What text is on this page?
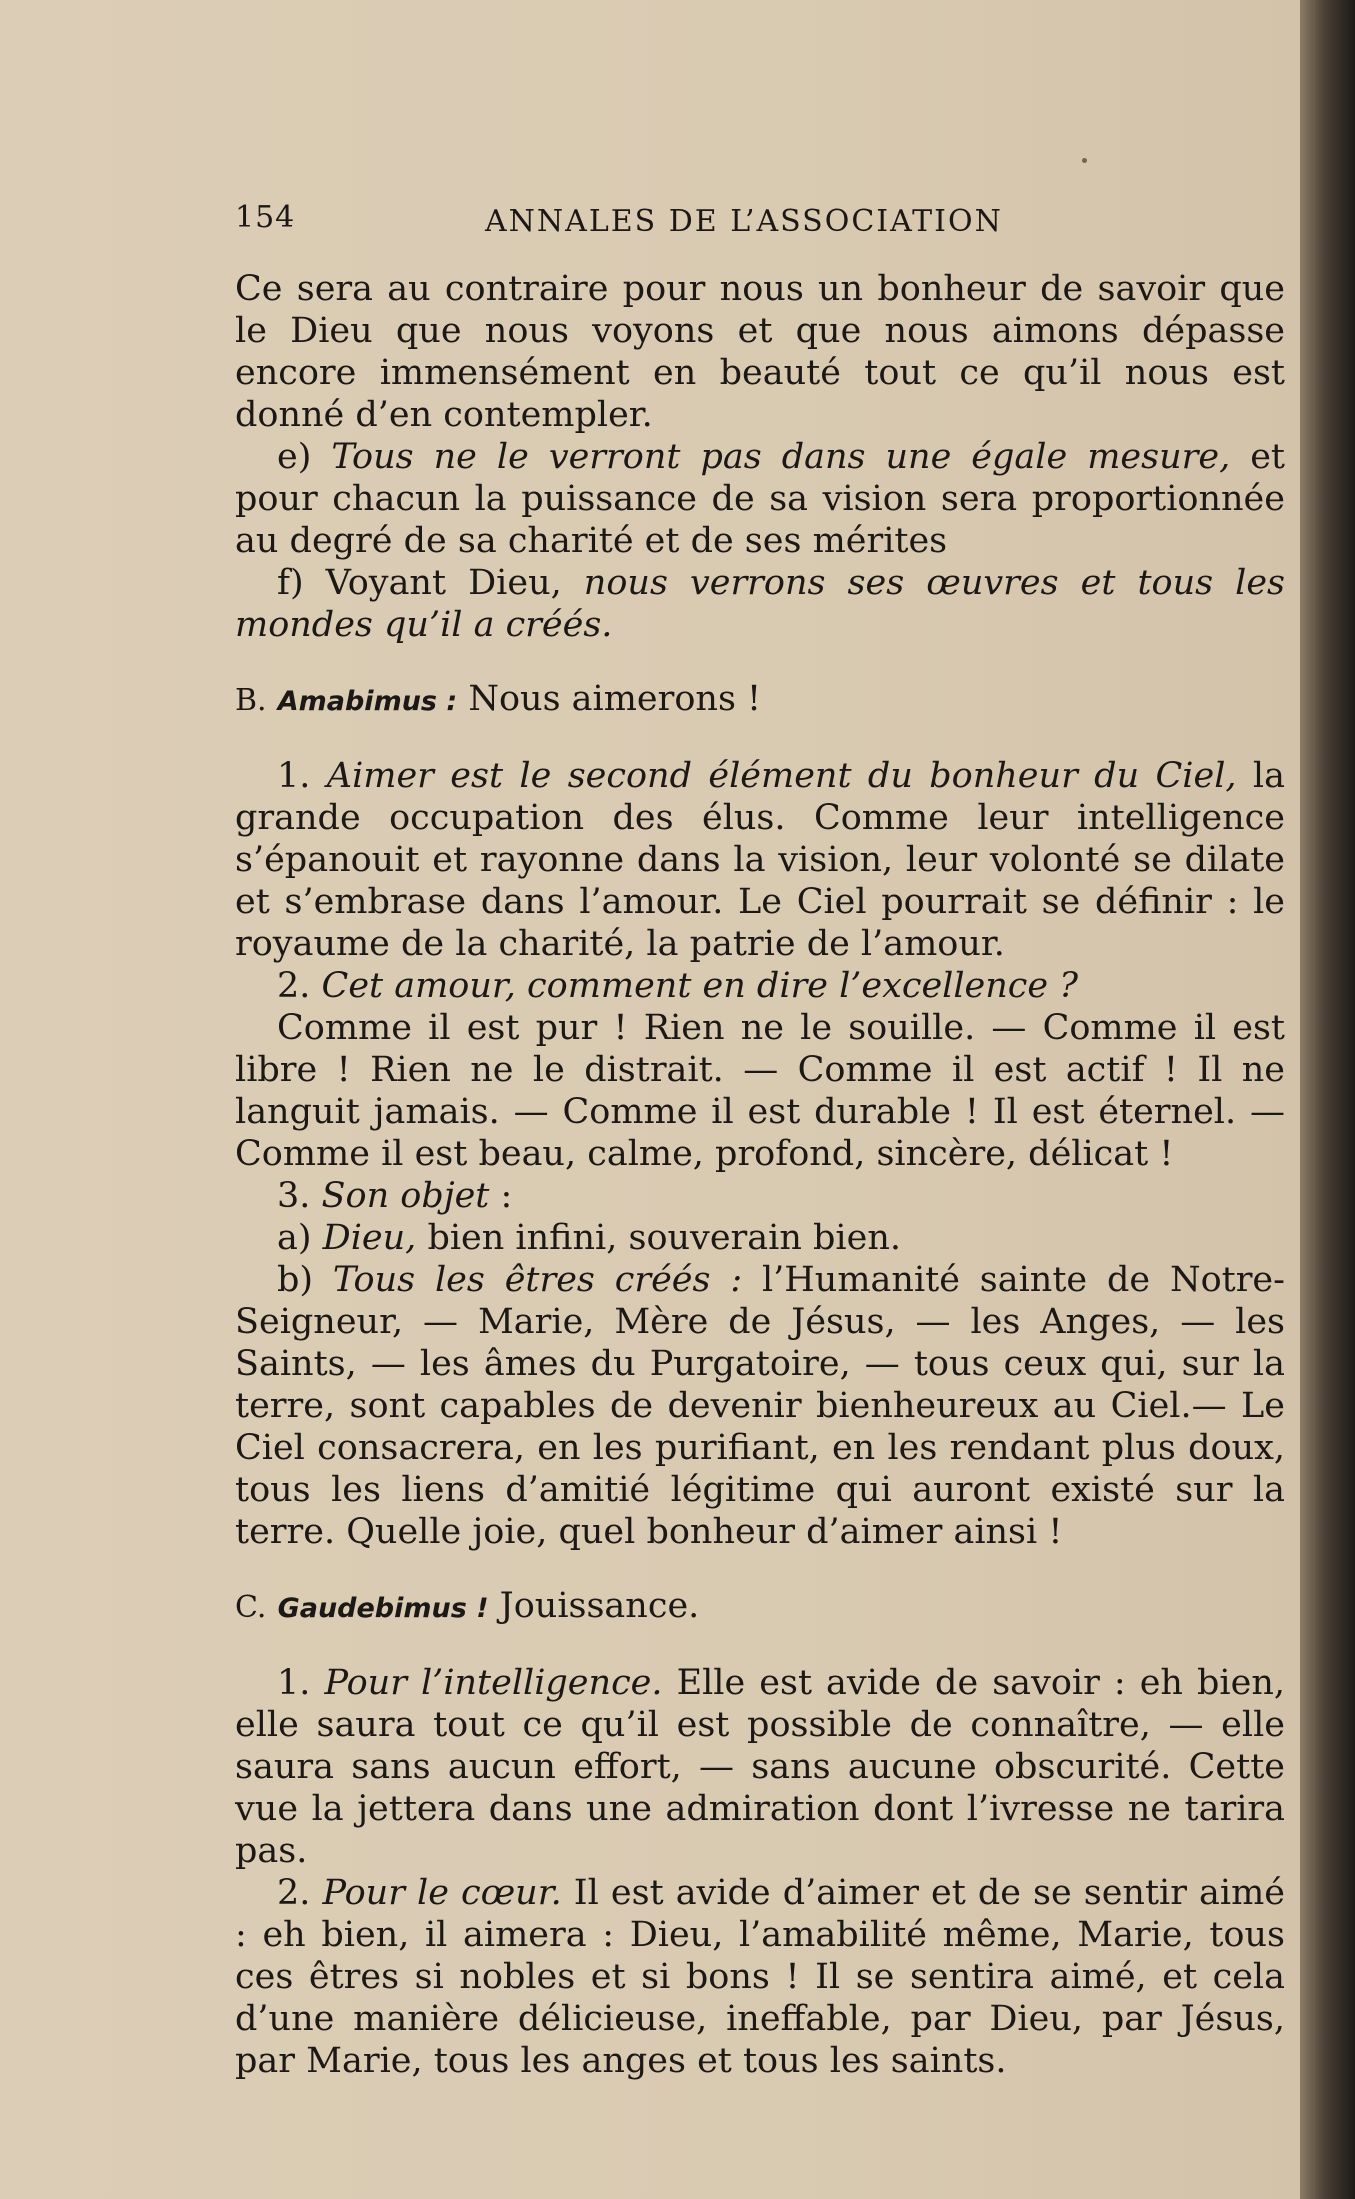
154	ANNALES DE L’ASSOCIATION

Ce sera au contraire pour nous un bonheur de savoir que le Dieu que nous voyons et que nous aimons dépasse encore immensément en beauté tout ce qu’il nous est donné d’en contempler.

e) Tous ne le verront pas dans une égale mesure, et pour chacun la puissance de sa vision sera proportionnée au degré de sa charité et de ses mérites

f) Voyant Dieu, nous verrons ses œuvres et tous les mondes qu’il a créés.

B. Amabimus : Nous aimerons !

1. Aimer est le second élément du bonheur du Ciel, la grande occupation des élus. Comme leur intelligence s’épanouit et rayonne dans la vision, leur volonté se dilate et s’embrase dans l’amour. Le Ciel pourrait se définir : le royaume de la charité, la patrie de l’amour.

2. Cet amour, comment en dire l’excellence ?

Comme il est pur ! Rien ne le souille. — Comme il est libre ! Rien ne le distrait. — Comme il est actif ! Il ne languit jamais. — Comme il est durable ! Il est éternel. — Comme il est beau, calme, profond, sincère, délicat !

3. Son objet :

a) Dieu, bien infini, souverain bien.

b) Tous les êtres créés : l’Humanité sainte de Notre-Seigneur, — Marie, Mère de Jésus, — les Anges, — les Saints, — les âmes du Purgatoire, — tous ceux qui, sur la terre, sont capables de devenir bienheureux au Ciel.— Le Ciel consacrera, en les purifiant, en les rendant plus doux, tous les liens d’amitié légitime qui auront existé sur la terre. Quelle joie, quel bonheur d’aimer ainsi !

C. Gaudebimus ! Jouissance.

1. Pour l’intelligence. Elle est avide de savoir : eh bien, elle saura tout ce qu’il est possible de connaître, — elle saura sans aucun effort, — sans aucune obscurité. Cette vue la jettera dans une admiration dont l’ivresse ne tarira pas.

2. Pour le cœur. Il est avide d’aimer et de se sentir aimé : eh bien, il aimera : Dieu, l’amabilité même, Marie, tous ces êtres si nobles et si bons ! Il se sentira aimé, et cela d’une manière délicieuse, ineffable, par Dieu, par Jésus, par Marie, tous les anges et tous les saints.
